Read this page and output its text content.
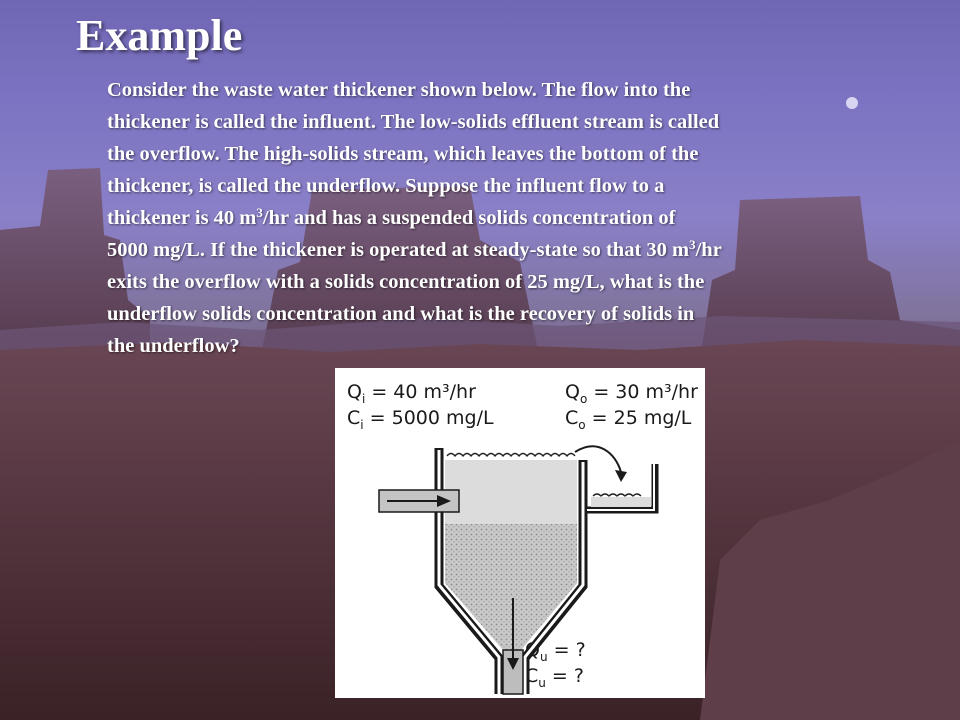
Example
Consider the waste water thickener shown below. The flow into the
thickener is called the influent. The low-solids effluent stream is called
the overflow. The high-solids stream, which leaves the bottom of the
thickener, is called the underflow. Suppose the influent flow to a
thickener is 40 $m^3/hr$ and has a suspended solids concentration of
5000 mg/L. If the thickener is operated at steady-state so that 30 $m^3/hr$
exits the overflow with a solids concentration of 25 mg/L, what is the
underflow solids concentration and what is the recovery of solids in
the underflow?
$Q_i = 40$ m³/hr
$C_i = 5000$ mg/L
$Q_o = 30$ m³/hr
$C_o = 25$ mg/L
$Q_u$ = ?
$C_u$ = ?
